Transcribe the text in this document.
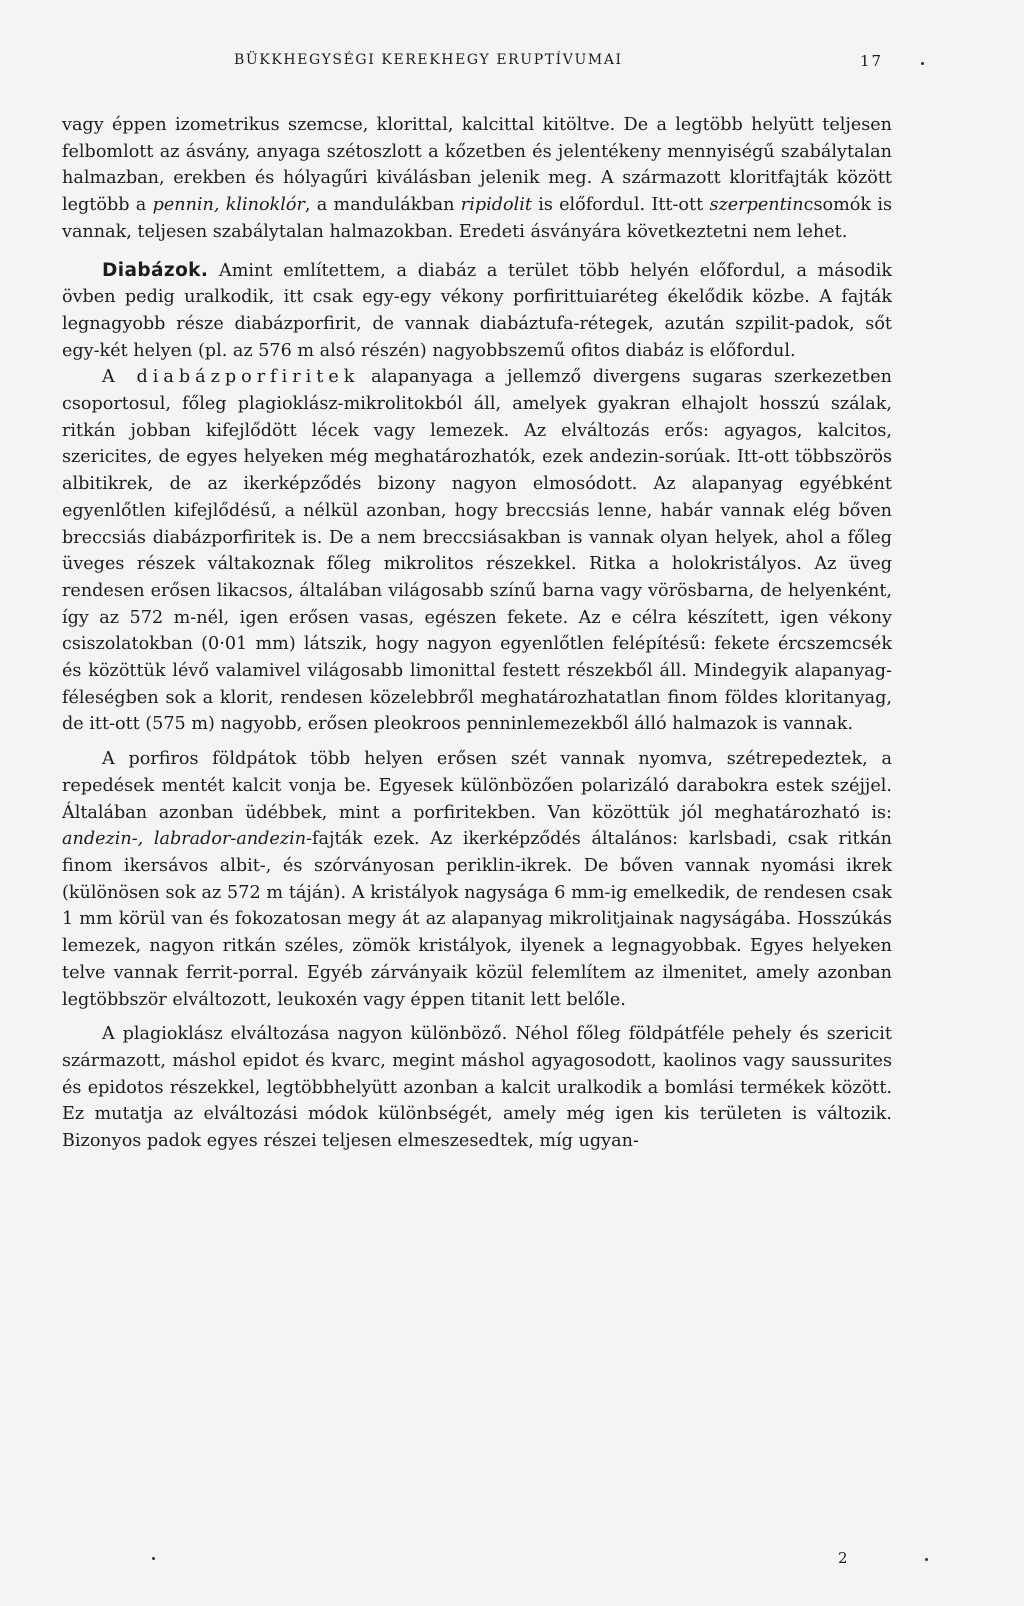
BÜKKHEGYSÉGI KEREKHEGY ERUPTÍVUMAI	17

vagy éppen izometrikus szemcse, klorittal, kalcittal kitöltve. De a legtöbb helyütt teljesen felbomlott az ásvány, anyaga szétoszlott a kőzetben és jelentékeny mennyiségű szabálytalan halmazban, erekben és hólyagűri kiválásban jelenik meg. A származott kloritfajták között legtöbb a pennin, klinoklór, a mandulákban ripidolit is előfordul. Itt-ott szerpentincsomók is vannak, teljesen szabálytalan halmazokban. Eredeti ásványára következtetni nem lehet.

Diabázok. Amint említettem, a diabáz a terület több helyén előfordul, a második övben pedig uralkodik, itt csak egy-egy vékony porfirittuiaréteg ékelődik közbe. A fajták legnagyobb része diabázporfirit, de vannak diabáztufa-rétegek, azután szpilit-padok, sőt egy-két helyen (pl. az 576 m alsó részén) nagyobbszemű ofitos diabáz is előfordul.

A diabázporfiritek alapanyaga a jellemző divergens sugaras szerkezetben csoportosul, főleg plagioklász-mikrolitokból áll, amelyek gyakran elhajolt hosszú szálak, ritkán jobban kifejlődött lécek vagy lemezek. Az elváltozás erős: agyagos, kalcitos, szericites, de egyes helyeken még meghatározhatók, ezek andezin-sorúak. Itt-ott többszörös albitikrek, de az ikerképződés bizony nagyon elmosódott. Az alapanyag egyébként egyenlőtlen kifejlődésű, a nélkül azonban, hogy breccsiás lenne, habár vannak elég bőven breccsiás diabázporfiritek is. De a nem breccsiásakban is vannak olyan helyek, ahol a főleg üveges részek váltakoznak főleg mikrolitos részekkel. Ritka a holokristályos. Az üveg rendesen erősen likacsos, általában világosabb színű barna vagy vörösbarna, de helyenként, így az 572 m-nél, igen erősen vasas, egészen fekete. Az e célra készített, igen vékony csiszolatokban (0·01 mm) látszik, hogy nagyon egyenlőtlen felépítésű: fekete ércszemcsék és közöttük lévő valamivel világosabb limonittal festett részekből áll. Mindegyik alapanyag-féleségben sok a klorit, rendesen közelebbről meghatározhatatlan finom földes kloritanyag, de itt-ott (575 m) nagyobb, erősen pleokroos penninlemezekből álló halmazok is vannak.

A porfiros földpátok több helyen erősen szét vannak nyomva, szétrepedeztek, a repedések mentét kalcit vonja be. Egyesek különbözően polarizáló darabokra estek széjjel. Általában azonban üdébbek, mint a porfiritekben. Van közöttük jól meghatározható is: andezin-, labrador-andezin-fajták ezek. Az ikerképződés általános: karlsbadi, csak ritkán finom ikersávos albit-, és szórványosan periklin-ikrek. De bőven vannak nyomási ikrek (különösen sok az 572 m táján). A kristályok nagysága 6 mm-ig emelkedik, de rendesen csak 1 mm körül van és fokozatosan megy át az alapanyag mikrolitjainak nagyságába. Hosszúkás lemezek, nagyon ritkán széles, zömök kristályok, ilyenek a legnagyobbak. Egyes helyeken telve vannak ferrit-porral. Egyéb zárványaik közül felemlítem az ilmenitet, amely azonban legtöbbször elváltozott, leukoxén vagy éppen titanit lett belőle.

A plagioklász elváltozása nagyon különböző. Néhol főleg földpátféle pehely és szericit származott, máshol epidot és kvarc, megint máshol agyagosodott, kaolinos vagy saussurites és epidotos részekkel, legtöbbhelyütt azonban a kalcit uralkodik a bomlási termékek között. Ez mutatja az elváltozási módok különbségét, amely még igen kis területen is változik. Bizonyos padok egyes részei teljesen elmeszesedtek, míg ugyan-

2
